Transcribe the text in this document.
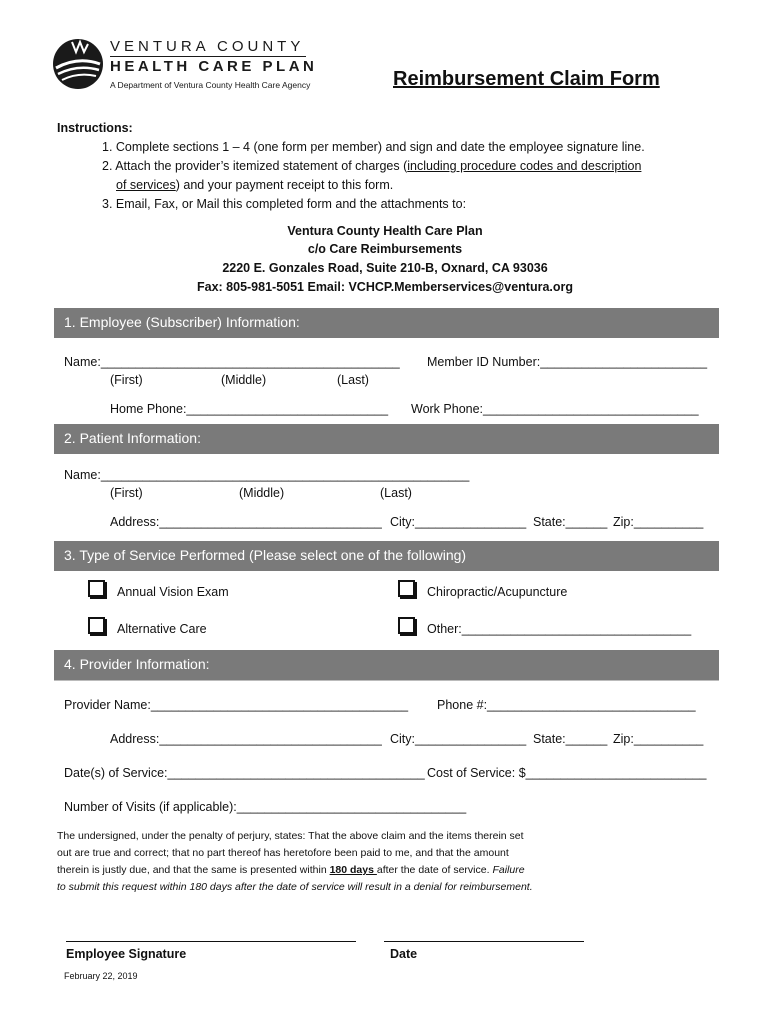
VENTURA COUNTY
HEALTH CARE PLAN
A Department of Ventura County Health Care Agency	Reimbursement Claim Form
Instructions:
1. Complete sections 1 – 4 (one form per member) and sign and date the employee signature line.
2. Attach the provider’s itemized statement of charges (including procedure codes and description
of services) and your payment receipt to this form.
3. Email, Fax, or Mail this completed form and the attachments to:
Ventura County Health Care Plan
c/o Care Reimbursements
2220 E. Gonzales Road, Suite 210-B, Oxnard, CA 93036
Fax: 805-981-5051 Email: VCHCP.Memberservices@ventura.org
1. Employee (Subscriber) Information:
Name:___________________________________________ Member ID Number:________________________
(First)	(Middle)	(Last)
Home Phone:_____________________________ Work Phone:_______________________________
2. Patient Information:
Name:_____________________________________________________
(First)	(Middle)	(Last)
Address:________________________________ City:________________ State:______ Zip:__________
3. Type of Service Performed (Please select one of the following)
Annual Vision Exam	Chiropractic/Acupuncture
Alternative Care	Other:_________________________________
4. Provider Information:
Provider Name:_____________________________________ Phone #:______________________________
Address:________________________________ City:________________ State:______ Zip:__________
Date(s) of Service:_____________________________________ Cost of Service: $__________________________
Number of Visits (if applicable):_________________________________
The undersigned, under the penalty of perjury, states: That the above claim and the items therein set
out are true and correct; that no part thereof has heretofore been paid to me, and that the amount
therein is justly due, and that the same is presented within 180 days after the date of service. Failure
to submit this request within 180 days after the date of service will result in a denial for reimbursement.
Employee Signature	Date
February 22, 2019
